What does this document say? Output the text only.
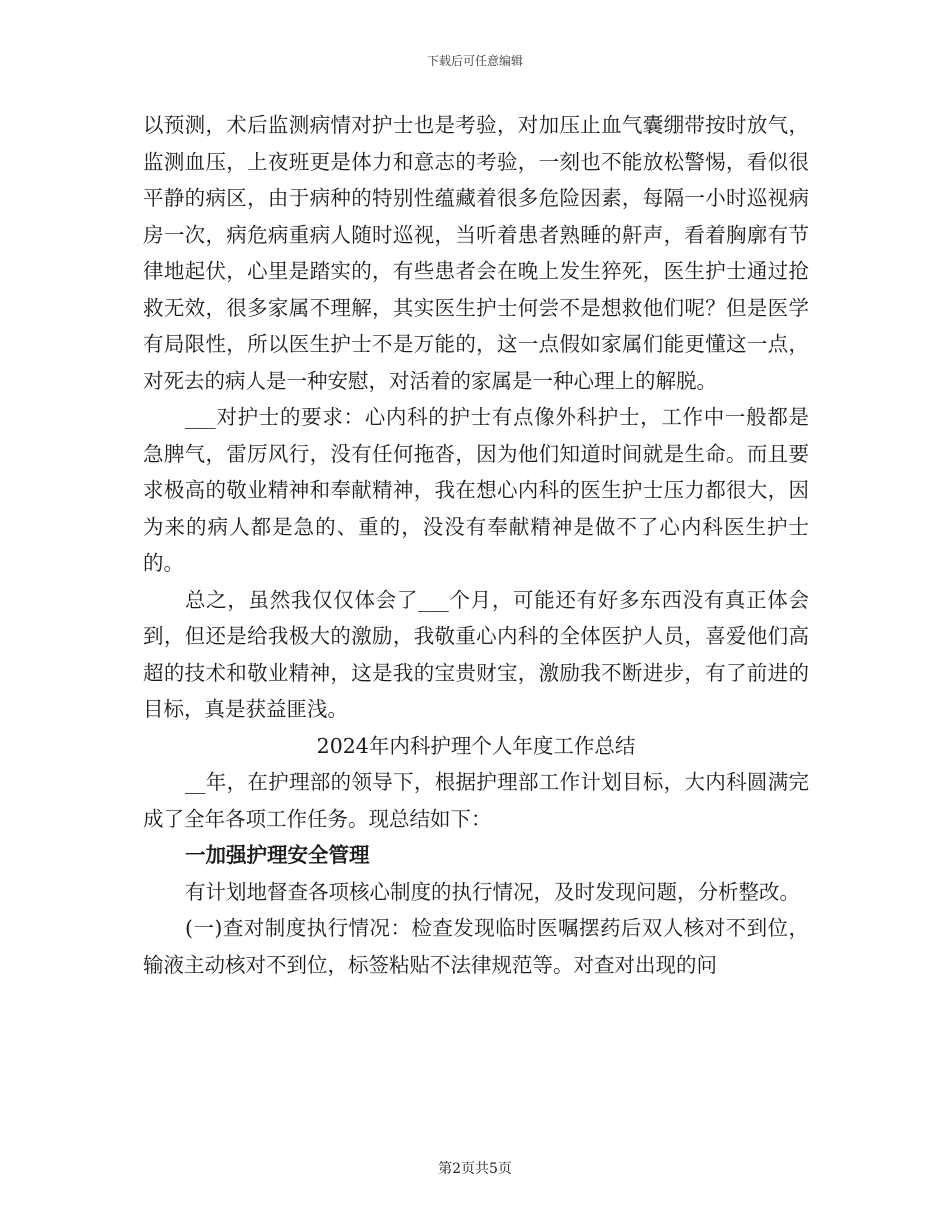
下载后可任意编辑

以预测，术后监测病情对护士也是考验，对加压止血气囊绷带按时放气，监测血压，上夜班更是体力和意志的考验，一刻也不能放松警惕，看似很平静的病区，由于病种的特别性蕴藏着很多危险因素，每隔一小时巡视病房一次，病危病重病人随时巡视，当听着患者熟睡的鼾声，看着胸廓有节律地起伏，心里是踏实的，有些患者会在晚上发生猝死，医生护士通过抢救无效，很多家属不理解，其实医生护士何尝不是想救他们呢？但是医学有局限性，所以医生护士不是万能的，这一点假如家属们能更懂这一点，对死去的病人是一种安慰，对活着的家属是一种心理上的解脱。

___对护士的要求：心内科的护士有点像外科护士，工作中一般都是急脾气，雷厉风行，没有任何拖沓，因为他们知道时间就是生命。而且要求极高的敬业精神和奉献精神，我在想心内科的医生护士压力都很大，因为来的病人都是急的、重的，没没有奉献精神是做不了心内科医生护士的。

总之，虽然我仅仅体会了___个月，可能还有好多东西没有真正体会到，但还是给我极大的激励，我敬重心内科的全体医护人员，喜爱他们高超的技术和敬业精神，这是我的宝贵财宝，激励我不断进步，有了前进的目标，真是获益匪浅。

2024年内科护理个人年度工作总结

__年，在护理部的领导下，根据护理部工作计划目标，大内科圆满完成了全年各项工作任务。现总结如下：

一加强护理安全管理

有计划地督查各项核心制度的执行情况，及时发现问题，分析整改。

(一)查对制度执行情况：检查发现临时医嘱摆药后双人核对不到位，输液主动核对不到位，标签粘贴不法律规范等。对查对出现的问

第2页共5页
